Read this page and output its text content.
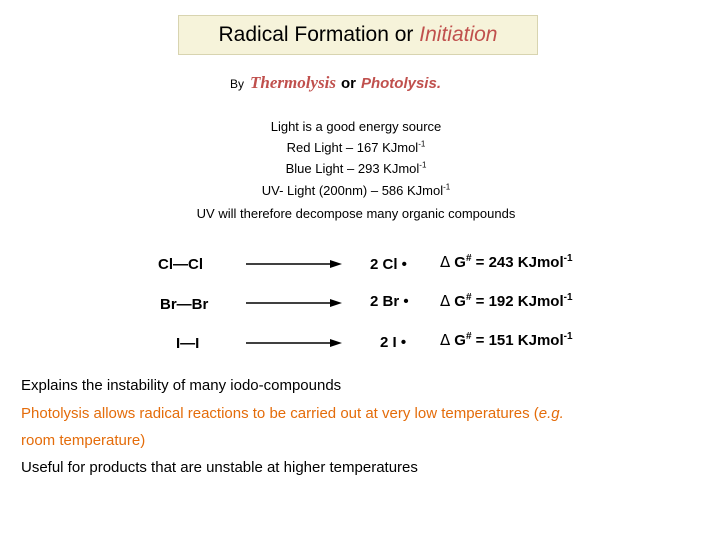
Radical Formation or
Initiation
By Thermolysis or Photolysis.
Light is a good energy source
Red Light – 167 KJmol$^{-1}$
Blue Light – 293 KJmol$^{-1}$
UV- Light (200nm) – 586 KJmol$^{-1}$
UV will therefore decompose many organic compounds
Cl—Cl	2 Cl • Δ G# = 243 KJmol$^{-1}$
Br—Br	2 Br • Δ G# = 192 KJmol$^{-1}$
I—I	2 I • Δ G# = 151 KJmol$^{-1}$
Explains the instability of many iodo-compounds
Photolysis allows radical reactions to be carried out at very low temperatures (e.g.
room temperature)
Useful for products that are unstable at higher temperatures
